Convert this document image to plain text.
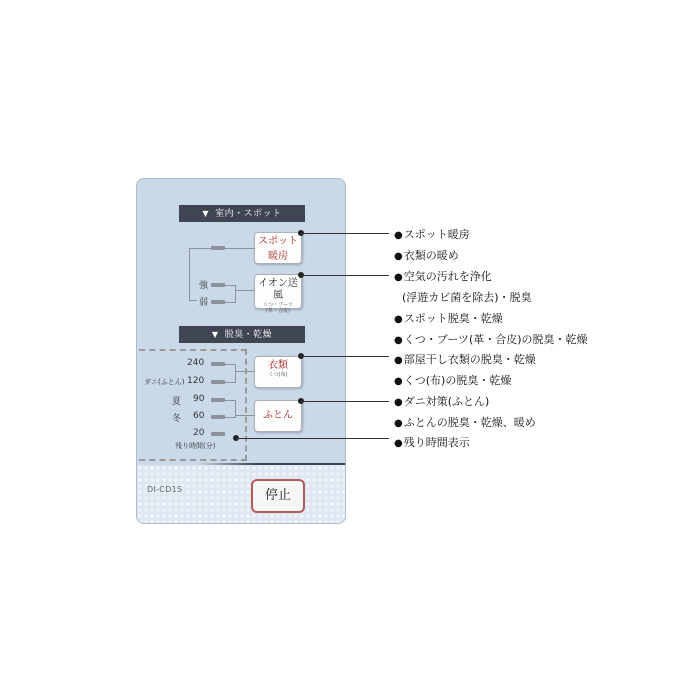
▼ 室内・スポット
スポット
暖房
強
弱
イオン送風
くつ・ブーツ
(革・合皮)
▼ 脱臭・乾燥
240
ダニ(ふとん) 120
夏 90
冬 60
20
残り時間(分)
衣類
くつ(布)
ふとん
DI-CD1S	停止
● スポット暖房
● 衣類の暖め
● 空気の汚れを浄化
(浮遊カビ菌を除去)・脱臭
● スポット脱臭・乾燥
● くつ・ブーツ(革・合皮)の脱臭・乾燥
● 部屋干し衣類の脱臭・乾燥
● くつ(布)の脱臭・乾燥
● ダニ対策(ふとん)
● ふとんの脱臭・乾燥、暖め
● 残り時間表示
